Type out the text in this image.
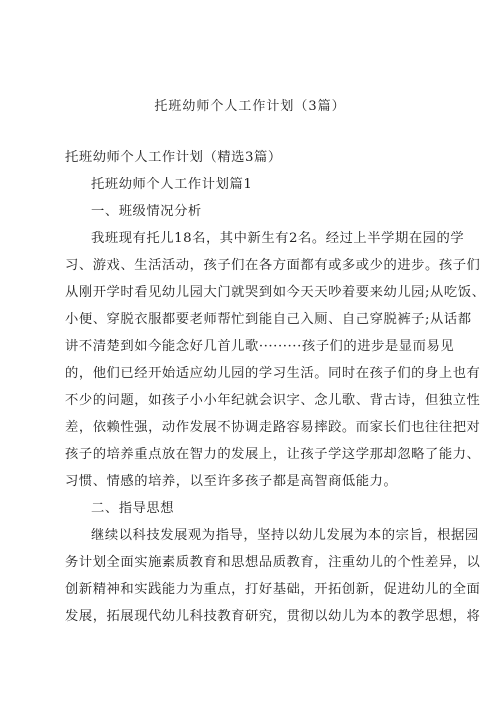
托班幼师个人工作计划（3篇）
托班幼师个人工作计划（精选3篇）
托班幼师个人工作计划篇1
一、班级情况分析
我班现有托儿18名，其中新生有2名。经过上半学期在园的学
习、游戏、生活活动，孩子们在各方面都有或多或少的进步。孩子们
从刚开学时看见幼儿园大门就哭到如今天天吵着要来幼儿园;从吃饭、
小便、穿脱衣服都要老师帮忙到能自己入厕、自己穿脱裤子;从话都
讲不清楚到如今能念好几首儿歌·········孩子们的进步是显而易见
的，他们已经开始适应幼儿园的学习生活。同时在孩子们的身上也有
不少的问题，如孩子小小年纪就会识字、念儿歌、背古诗，但独立性
差，依赖性强，动作发展不协调走路容易摔跤。而家长们也往往把对
孩子的培养重点放在智力的发展上，让孩子学这学那却忽略了能力、
习惯、情感的培养，以至许多孩子都是高智商低能力。
二、指导思想
继续以科技发展观为指导，坚持以幼儿发展为本的宗旨，根据园
务计划全面实施素质教育和思想品质教育，注重幼儿的个性差异，以
创新精神和实践能力为重点，打好基础，开拓创新，促进幼儿的全面
发展，拓展现代幼儿科技教育研究，贯彻以幼儿为本的教学思想，将
